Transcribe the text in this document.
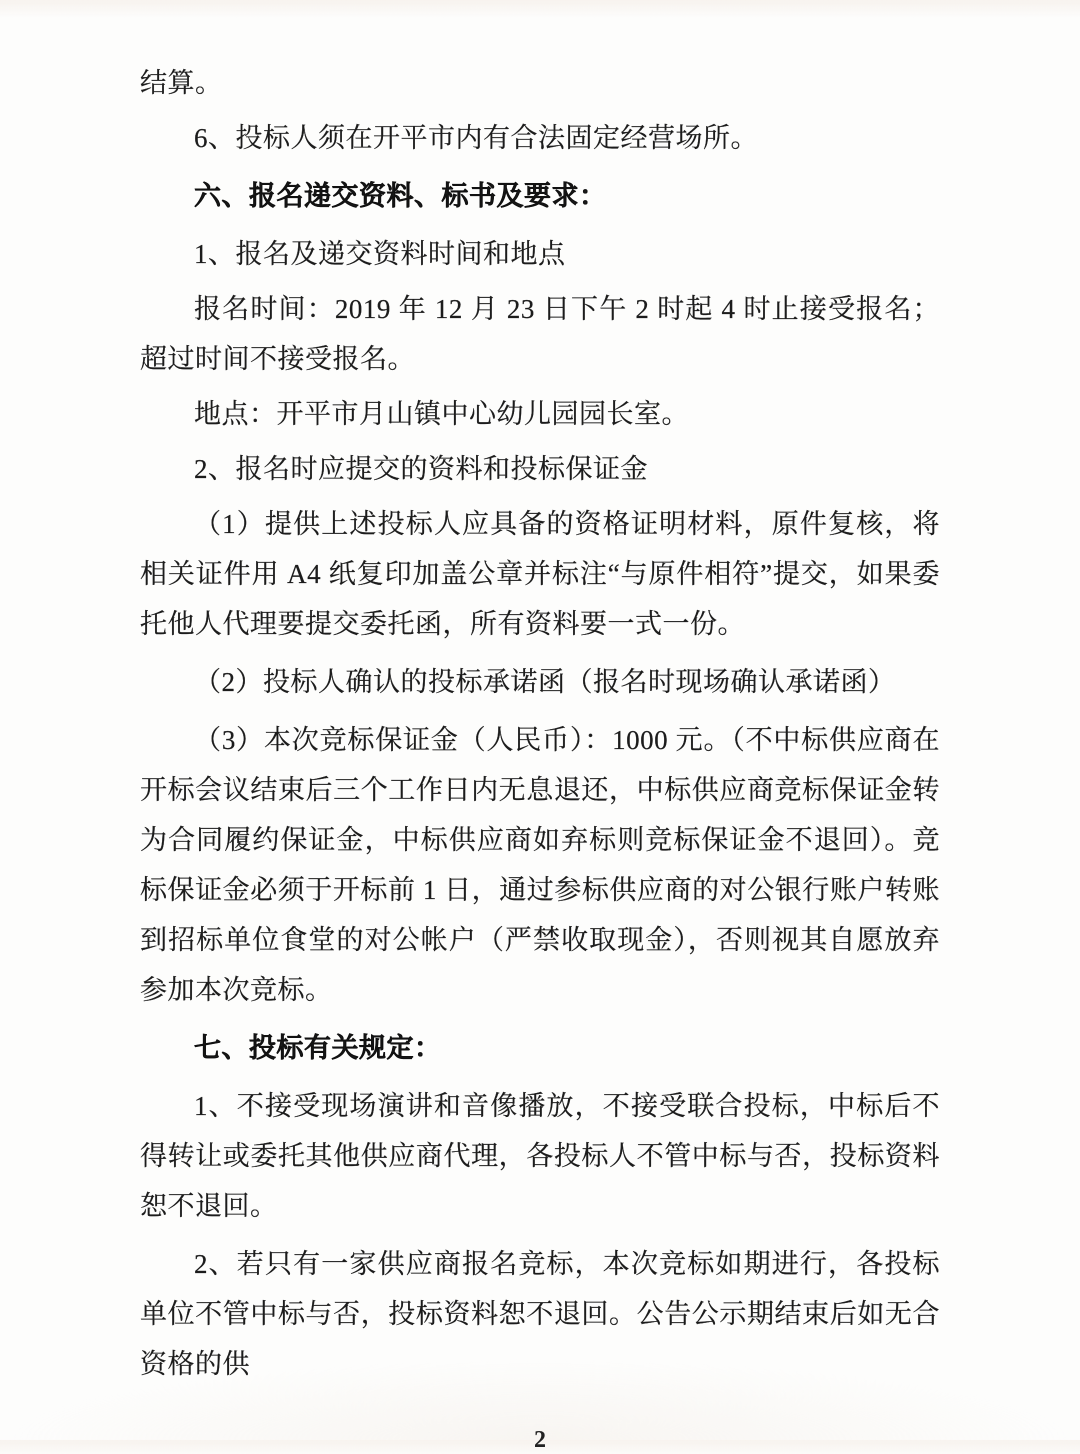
结算。

6、投标人须在开平市内有合法固定经营场所。

六、报名递交资料、标书及要求：

1、报名及递交资料时间和地点

报名时间：2019 年 12 月 23 日下午 2 时起 4 时止接受报名；超过时间不接受报名。

地点：开平市月山镇中心幼儿园园长室。

2、报名时应提交的资料和投标保证金

（1）提供上述投标人应具备的资格证明材料，原件复核，将相关证件用 A4 纸复印加盖公章并标注“与原件相符”提交，如果委托他人代理要提交委托函，所有资料要一式一份。

（2）投标人确认的投标承诺函（报名时现场确认承诺函）

（3）本次竞标保证金（人民币）：1000 元。（不中标供应商在开标会议结束后三个工作日内无息退还，中标供应商竞标保证金转为合同履约保证金，中标供应商如弃标则竞标保证金不退回）。竞标保证金必须于开标前 1 日，通过参标供应商的对公银行账户转账到招标单位食堂的对公帐户（严禁收取现金），否则视其自愿放弃参加本次竞标。

七、投标有关规定：

1、不接受现场演讲和音像播放，不接受联合投标，中标后不得转让或委托其他供应商代理，各投标人不管中标与否，投标资料恕不退回。

2、若只有一家供应商报名竞标，本次竞标如期进行，各投标单位不管中标与否，投标资料恕不退回。公告公示期结束后如无合资格的供

2
